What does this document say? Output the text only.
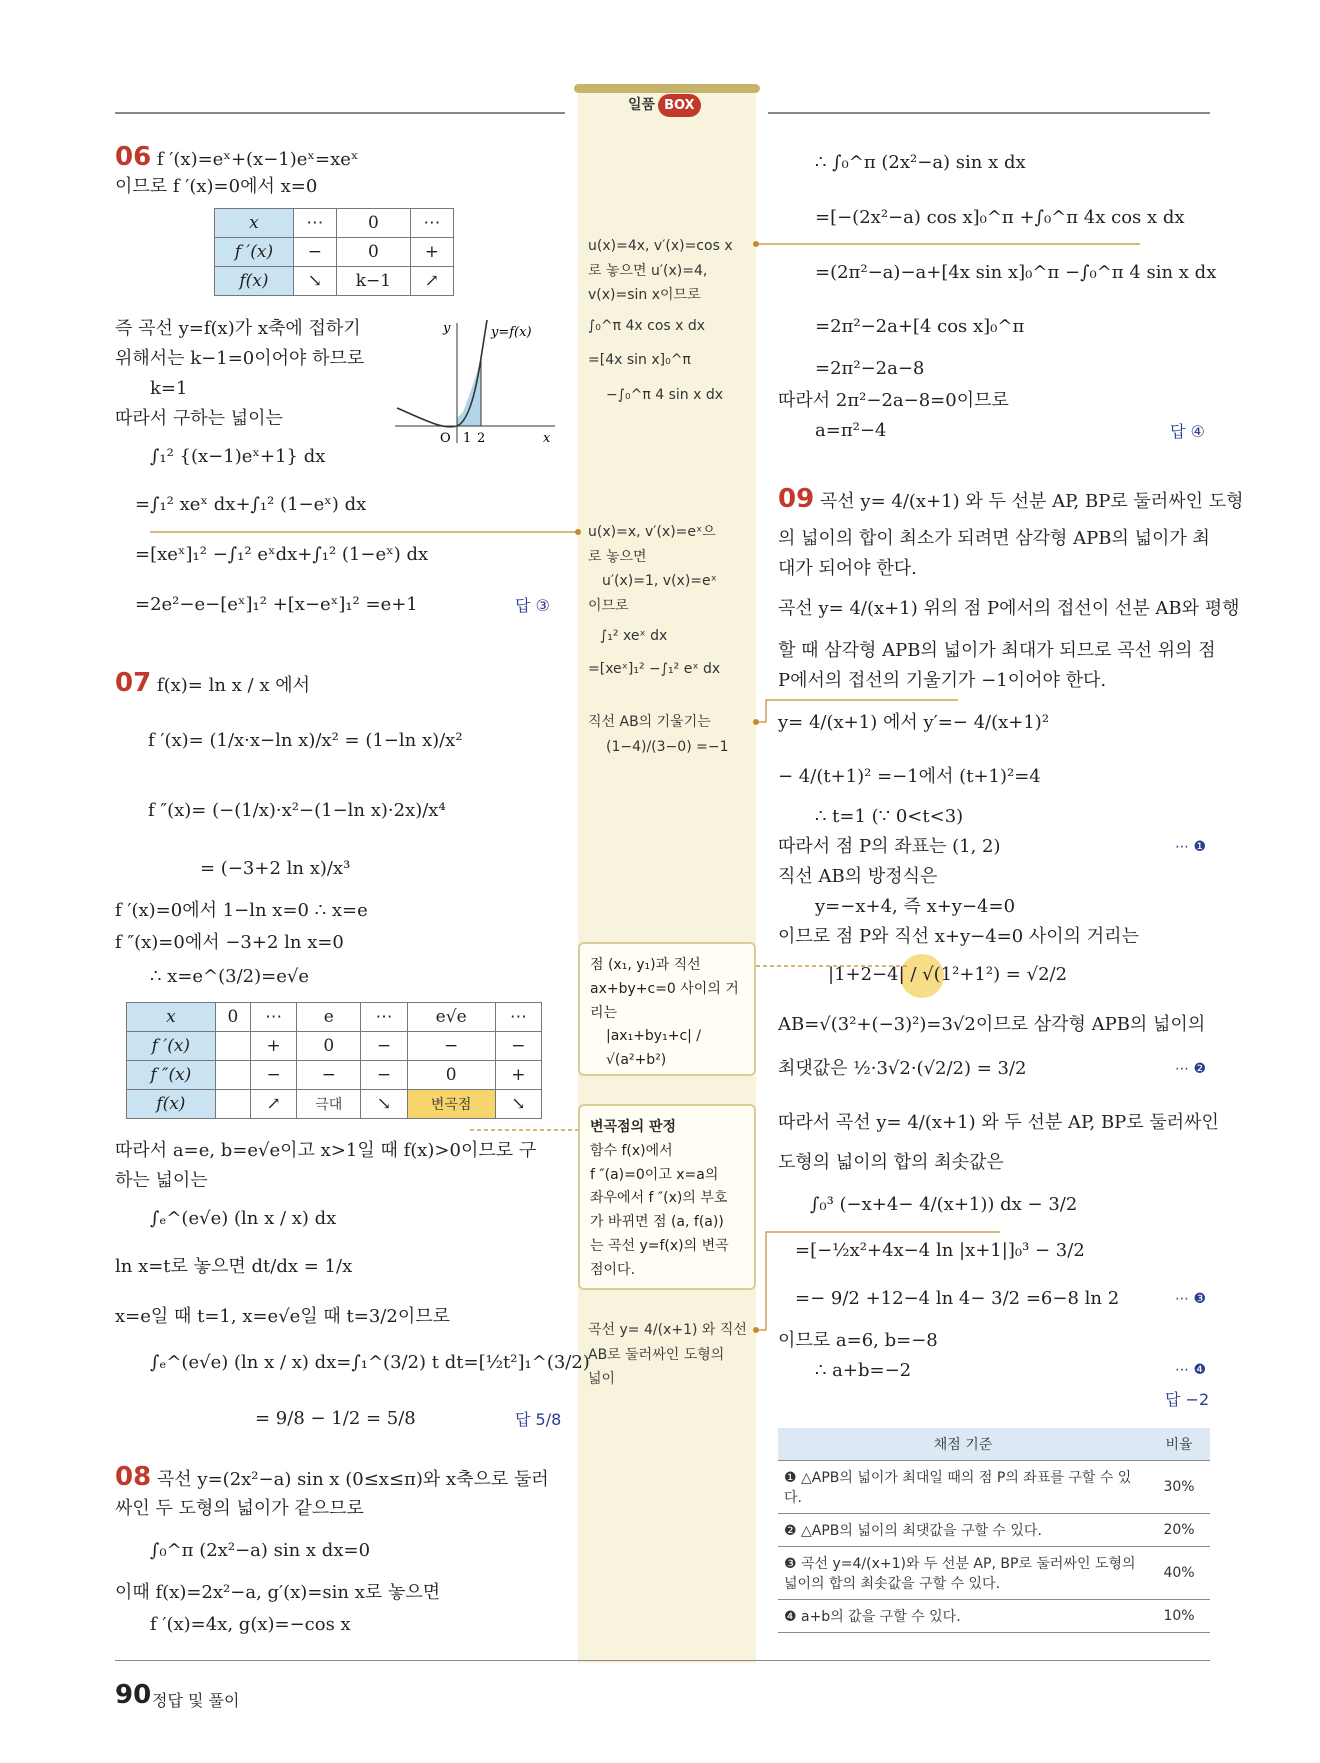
일품 BOX
06 f ′(x)=eˣ+(x−1)eˣ=xeˣ
이므로 f ′(x)=0에서 x=0
x	⋯	0	⋯
f ′(x)	−	0	+
f(x)	↘	k−1	↗
즉 곡선 y=f(x)가 x축에 접하기
위해서는 k−1=0이어야 하므로
k=1
따라서 구하는 넓이는
∫₁² {(x−1)eˣ+1} dx
=∫₁² xeˣ dx+∫₁² (1−eˣ) dx
=[xeˣ]₁² −∫₁² eˣdx+∫₁² (1−eˣ) dx
=2e²−e−[eˣ]₁² +[x−eˣ]₁² =e+1	답 ③
y	y=f(x)
O 1 2	x
07 f(x)= ln x / x 에서
f ′(x)= (1/x·x−ln x)/x² = (1−ln x)/x²
f ″(x)= (−(1/x)·x²−(1−ln x)·2x)/x⁴
= (−3+2 ln x)/x³
f ′(x)=0에서 1−ln x=0 ∴ x=e
f ″(x)=0에서 −3+2 ln x=0
∴ x=e^(3/2)=e√e
x	0	⋯	e	⋯	e√e	⋯
f ′(x)		+	0	−	−	−
f ″(x)		−	−	−	0	+
f(x)		↗	극대	↘	변곡점	↘
따라서 a=e, b=e√e이고 x>1일 때 f(x)>0이므로 구
하는 넓이는
∫ₑ^(e√e) (ln x / x) dx
ln x=t로 놓으면 dt/dx = 1/x
x=e일 때 t=1, x=e√e일 때 t=3/2이므로
∫ₑ^(e√e) (ln x / x) dx=∫₁^(3/2) t dt=[½t²]₁^(3/2)
= 9/8 − 1/2 = 5/8	답 5/8
08 곡선 y=(2x²−a) sin x (0≤x≤π)와 x축으로 둘러
싸인 두 도형의 넓이가 같으므로
∫₀^π (2x²−a) sin x dx=0
이때 f(x)=2x²−a, g′(x)=sin x로 놓으면
f ′(x)=4x, g(x)=−cos x
∴ ∫₀^π (2x²−a) sin x dx
=[−(2x²−a) cos x]₀^π +∫₀^π 4x cos x dx
=(2π²−a)−a+[4x sin x]₀^π −∫₀^π 4 sin x dx
=2π²−2a+[4 cos x]₀^π
=2π²−2a−8
따라서 2π²−2a−8=0이므로
a=π²−4	답 ④
09 곡선 y= 4/(x+1) 와 두 선분 AP, BP로 둘러싸인 도형
의 넓이의 합이 최소가 되려면 삼각형 APB의 넓이가 최
대가 되어야 한다.
곡선 y= 4/(x+1) 위의 점 P에서의 접선이 선분 AB와 평행
할 때 삼각형 APB의 넓이가 최대가 되므로 곡선 위의 점
P에서의 접선의 기울기가 −1이어야 한다.
y= 4/(x+1) 에서 y′=− 4/(x+1)²
− 4/(t+1)² =−1에서 (t+1)²=4
∴ t=1 (∵ 0<t<3)
따라서 점 P의 좌표는 (1, 2)	⋯ ❶
직선 AB의 방정식은
y=−x+4, 즉 x+y−4=0
이므로 점 P와 직선 x+y−4=0 사이의 거리는
|1+2−4| / √(1²+1²) = √2/2
AB=√(3²+(−3)²)=3√2이므로 삼각형 APB의 넓이의
최댓값은 ½·3√2·(√2/2) = 3/2	⋯ ❷
따라서 곡선 y= 4/(x+1) 와 두 선분 AP, BP로 둘러싸인
도형의 넓이의 합의 최솟값은
∫₀³ (−x+4− 4/(x+1)) dx − 3/2
=[−½x²+4x−4 ln |x+1|]₀³ − 3/2
=− 9/2 +12−4 ln 4− 3/2 =6−8 ln 2	⋯ ❸
이므로 a=6, b=−8
∴ a+b=−2	⋯ ❹
답 −2
채점 기준	비율
❶ △APB의 넓이가 최대일 때의 점 P의 좌표를 구할 수 있다.	30%
❷ △APB의 넓이의 최댓값을 구할 수 있다.	20%
❸ 곡선 y=4/(x+1)와 두 선분 AP, BP로 둘러싸인 도형의 넓이의 합의 최솟값을 구할 수 있다.	40%
❹ a+b의 값을 구할 수 있다.	10%
u(x)=4x, v′(x)=cos x
로 놓으면 u′(x)=4,
v(x)=sin x이므로
∫₀^π 4x cos x dx
=[4x sin x]₀^π
−∫₀^π 4 sin x dx
u(x)=x, v′(x)=eˣ으
로 놓으면
u′(x)=1, v(x)=eˣ
이므로
∫₁² xeˣ dx
=[xeˣ]₁² −∫₁² eˣ dx
직선 AB의 기울기는
(1−4)/(3−0) =−1
점 (x₁, y₁)과 직선
ax+by+c=0 사이의 거
리는
|ax₁+by₁+c| / √(a²+b²)
변곡점의 판정
함수 f(x)에서
f ″(a)=0이고 x=a의
좌우에서 f ″(x)의 부호
가 바뀌면 점 (a, f(a))
는 곡선 y=f(x)의 변곡
점이다.
곡선 y= 4/(x+1) 와 직선
AB로 둘러싸인 도형의
넓이
90 정답 및 풀이
